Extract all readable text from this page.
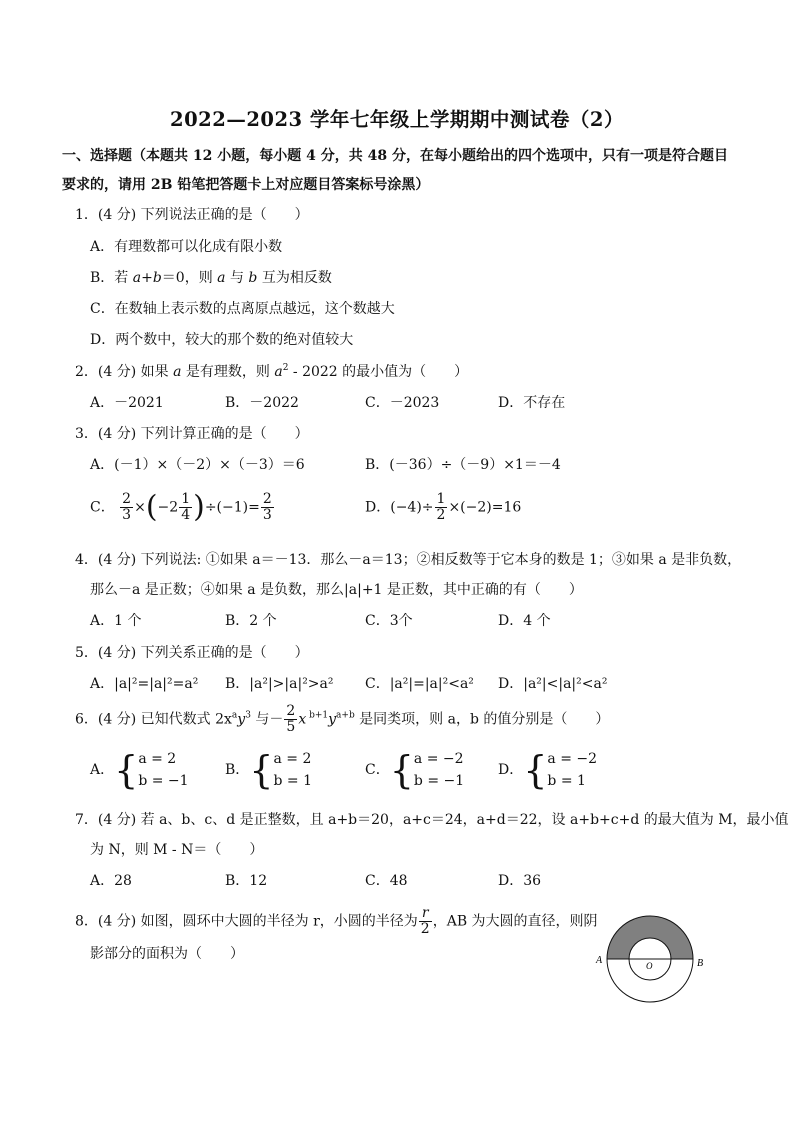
2022—2023 学年七年级上学期期中测试卷（2）
一、选择题（本题共 12 小题，每小题 4 分，共 48 分，在每小题给出的四个选项中，只有一项是符合题目
要求的，请用 2B 铅笔把答题卡上对应题目答案标号涂黑）
1．(4 分) 下列说法正确的是（　　）
A．有理数都可以化成有限小数
B．若 a+b＝0，则 a 与 b 互为相反数
C．在数轴上表示数的点离原点越远，这个数越大
D．两个数中，较大的那个数的绝对值较大
2．(4 分) 如果 a 是有理数，则 $a^2 - 2022$ 的最小值为（　　）
A．－2021	B．－2022	C．－2023	D．不存在
3．(4 分) 下列计算正确的是（　　）
A．(－1）×（－2）×（－3）＝6	B．(－36）÷（－9）×1＝－4
C． $\frac{2}{3} \times(-2 \frac{1}{4} )\div(-1)= \frac{2}{3}$	D．$(-4)\div \frac{1}{2} \times(-2)=16$
4．(4 分) 下列说法: ①如果 a＝－13．那么－a＝13；②相反数等于它本身的数是 1；③如果 a 是非负数，
那么－a 是正数；④如果 a 是负数，那么|a|+1 是正数，其中正确的有（　　）
A．1 个	B．2 个	C．3个	D．4 个
5．(4 分) 下列关系正确的是（　　）
A．|a|²=|a|²=a² B．|a²|>|a|²>a² C．|a²|=|a|²<a² D．|a²|<|a|²<a²
6．(4 分) 已知代数式 $2x^ay^3$ 与－ $\frac{2}{5}$ x $^{b+1}y^{a+b}$ 是同类项，则 a，b 的值分别是（　　）
A．{ a = 2
b = −1
B．{ a = 2
b = 1
C．{ a = −2
b = −1
D．{ a = −2
b = 1
7．(4 分) 若 a、b、c、d 是正整数，且 a+b＝20，a+c＝24，a+d＝22，设 a+b+c+d 的最大值为 M，最小值
为 N，则 M - N＝（　　）
A．28	B．12	C．48	D．36
8．(4 分) 如图，圆环中大圆的半径为 r，小圆的半径为 $\frac{r}{2}$ ，AB 为大圆的直径，则阴
影部分的面积为（　　）	A	B
O
